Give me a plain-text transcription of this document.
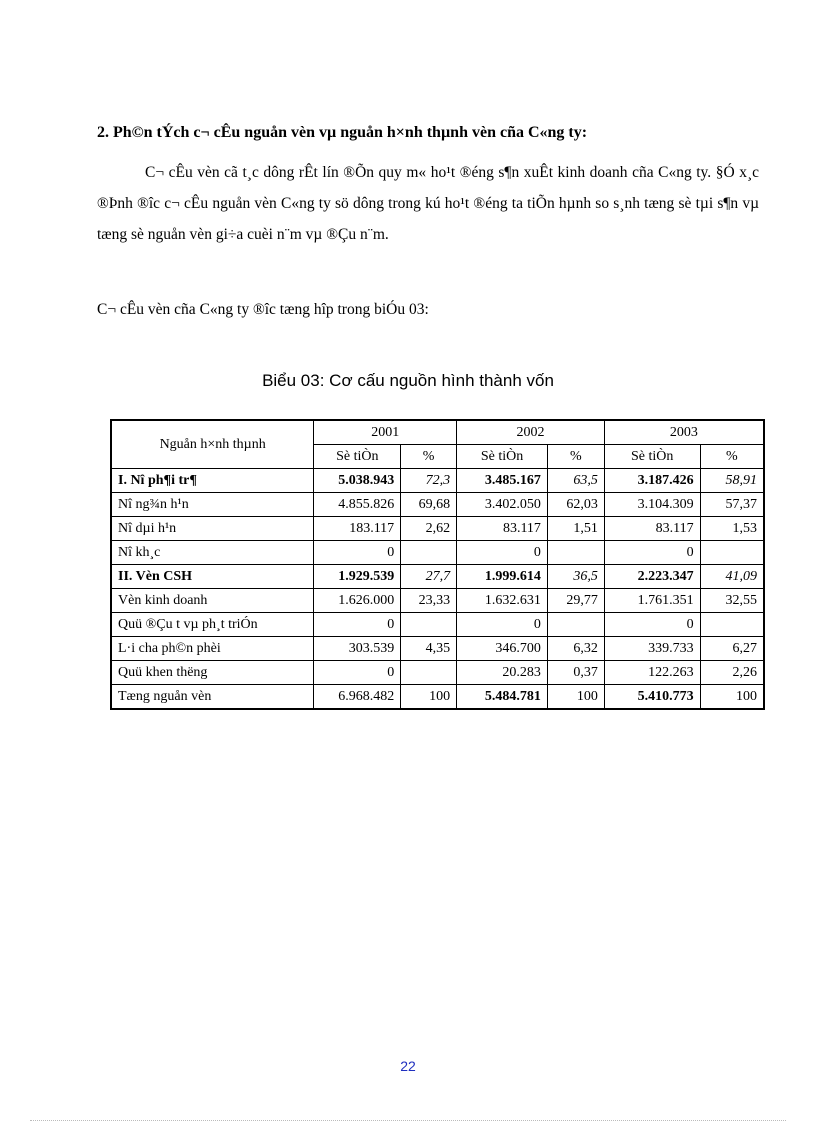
2. Ph©n tÝch c¬ cÊu nguån vèn vµ nguån h×nh thµnh vèn cña C«ng ty:
C¬ cÊu vèn cã t¸c dông rÊt lín ®Õn quy m« ho¹t ®éng s¶n xuÊt kinh doanh cña C«ng ty. §Ó x¸c ®Þnh ®îc c¬ cÊu nguån vèn C«ng ty sö dông trong kú ho¹t ®éng ta tiÕn hµnh so s¸nh tæng sè tµi s¶n vµ tæng sè nguån vèn gi÷a cuèi n¨m vµ ®Çu n¨m.
C¬ cÊu vèn cña C«ng ty ®îc tæng hîp trong biÓu 03:
Biểu 03: Cơ cấu nguồn hình thành vốn
Nguån h×nh thµnh	2001		2002		2003	
	Sè tiÒn	%	Sè tiÒn	%	Sè tiÒn	%
I. Nî ph¶i tr¶	5.038.943	72,3	3.485.167	63,5	3.187.426	58,91
Nî ng¾n h¹n	4.855.826	69,68	3.402.050	62,03	3.104.309	57,37
Nî dµi h¹n	183.117	2,62	83.117	1,51	83.117	1,53
Nî kh¸c	0		0		0	
II. Vèn CSH	1.929.539	27,7	1.999.614	36,5	2.223.347	41,09
Vèn kinh doanh	1.626.000	23,33	1.632.631	29,77	1.761.351	32,55
Quü ®Çu t vµ ph¸t triÓn	0		0		0	
L·i cha ph©n phèi	303.539	4,35	346.700	6,32	339.733	6,27
Quü khen thëng	0		20.283	0,37	122.263	2,26
Tæng nguån vèn	6.968.482	100	5.484.781	100	5.410.773	100
22
